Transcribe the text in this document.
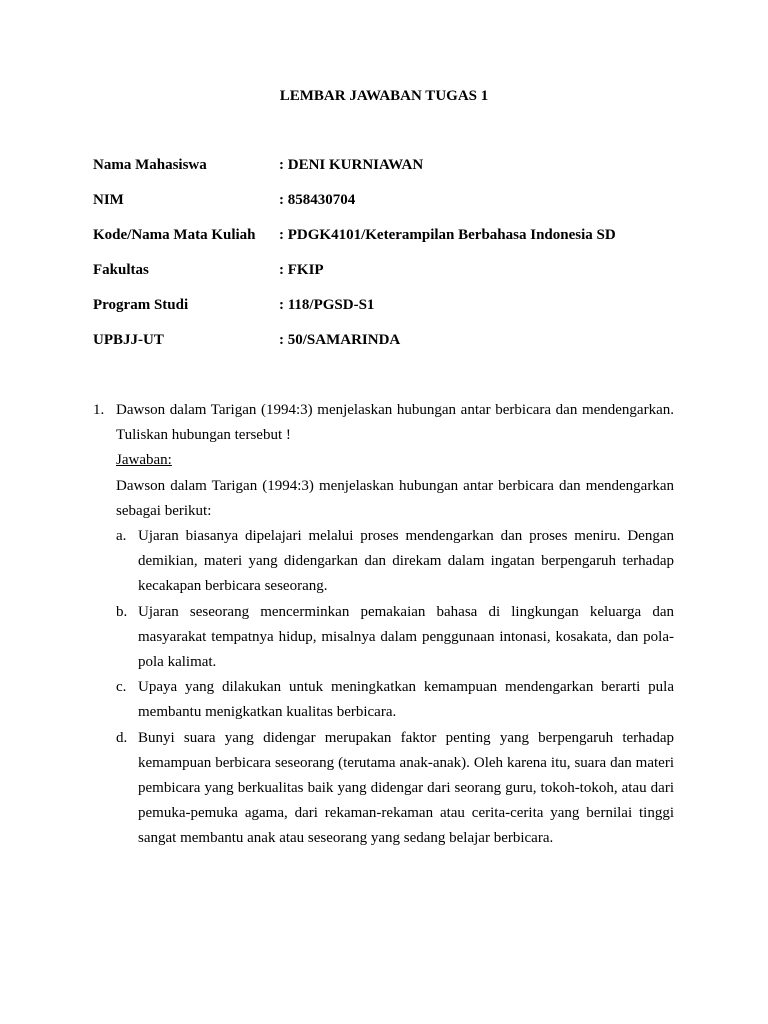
LEMBAR JAWABAN TUGAS 1
Nama Mahasiswa	: DENI KURNIAWAN
NIM	: 858430704
Kode/Nama Mata Kuliah	: PDGK4101/Keterampilan Berbahasa Indonesia SD
Fakultas	: FKIP
Program Studi	: 118/PGSD-S1
UPBJJ-UT	: 50/SAMARINDA
1. Dawson dalam Tarigan (1994:3) menjelaskan hubungan antar berbicara dan mendengarkan. Tuliskan hubungan tersebut !
Jawaban:
Dawson dalam Tarigan (1994:3) menjelaskan hubungan antar berbicara dan mendengarkan sebagai berikut:
a. Ujaran biasanya dipelajari melalui proses mendengarkan dan proses meniru. Dengan demikian, materi yang didengarkan dan direkam dalam ingatan berpengaruh terhadap kecakapan berbicara seseorang.
b. Ujaran seseorang mencerminkan pemakaian bahasa di lingkungan keluarga dan masyarakat tempatnya hidup, misalnya dalam penggunaan intonasi, kosakata, dan pola-pola kalimat.
c. Upaya yang dilakukan untuk meningkatkan kemampuan mendengarkan berarti pula membantu menigkatkan kualitas berbicara.
d. Bunyi suara yang didengar merupakan faktor penting yang berpengaruh terhadap kemampuan berbicara seseorang (terutama anak-anak). Oleh karena itu, suara dan materi pembicara yang berkualitas baik yang didengar dari seorang guru, tokoh-tokoh, atau dari pemuka-pemuka agama, dari rekaman-rekaman atau cerita-cerita yang bernilai tinggi sangat membantu anak atau seseorang yang sedang belajar berbicara.
